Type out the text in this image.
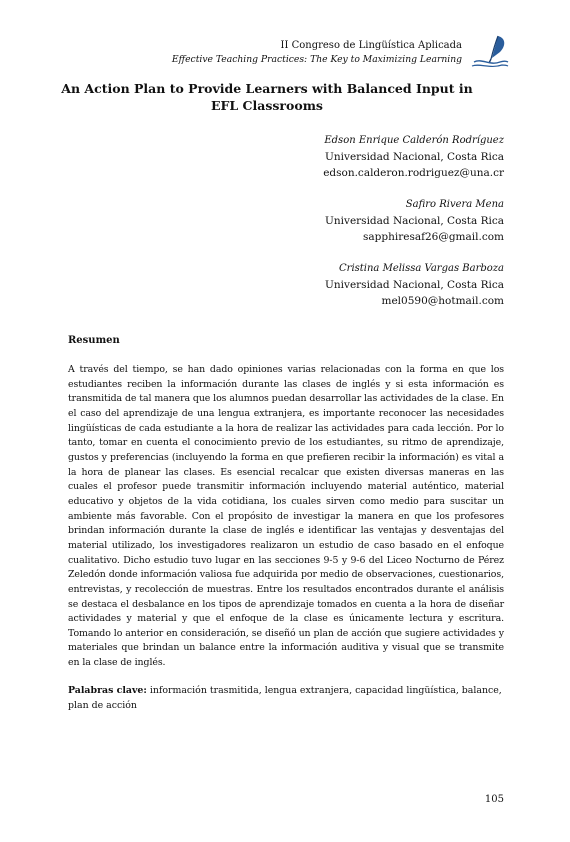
II Congreso de Lingüística Aplicada
Effective Teaching Practices: The Key to Maximizing Learning
An Action Plan to Provide Learners with Balanced Input in EFL Classrooms
Edson Enrique Calderón Rodríguez
Universidad Nacional, Costa Rica
edson.calderon.rodriguez@una.cr
Safiro Rivera Mena
Universidad Nacional, Costa Rica
sapphiresaf26@gmail.com
Cristina Melissa Vargas Barboza
Universidad Nacional, Costa Rica
mel0590@hotmail.com
Resumen
A través del tiempo, se han dado opiniones varias relacionadas con la forma en que los estudiantes reciben la información durante las clases de inglés y si esta información es transmitida de tal manera que los alumnos puedan desarrollar las actividades de la clase. En el caso del aprendizaje de una lengua extranjera, es importante reconocer las necesidades lingüísticas de cada estudiante a la hora de realizar las actividades para cada lección. Por lo tanto, tomar en cuenta el conocimiento previo de los estudiantes, su ritmo de aprendizaje, gustos y preferencias (incluyendo la forma en que prefieren recibir la información) es vital a la hora de planear las clases. Es esencial recalcar que existen diversas maneras en las cuales el profesor puede transmitir información incluyendo material auténtico, material educativo y objetos de la vida cotidiana, los cuales sirven como medio para suscitar un ambiente más favorable. Con el propósito de investigar la manera en que los profesores brindan información durante la clase de inglés e identificar las ventajas y desventajas del material utilizado, los investigadores realizaron un estudio de caso basado en el enfoque cualitativo. Dicho estudio tuvo lugar en las secciones 9-5 y 9-6 del Liceo Nocturno de Pérez Zeledón donde información valiosa fue adquirida por medio de observaciones, cuestionarios, entrevistas, y recolección de muestras. Entre los resultados encontrados durante el análisis se destaca el desbalance en los tipos de aprendizaje tomados en cuenta a la hora de diseñar actividades y material y que el enfoque de la clase es únicamente lectura y escritura. Tomando lo anterior en consideración, se diseñó un plan de acción que sugiere actividades y materiales que brindan un balance entre la información auditiva y visual que se transmite en la clase de inglés.
Palabras clave: información trasmitida, lengua extranjera, capacidad lingüística, balance, plan de acción
105
